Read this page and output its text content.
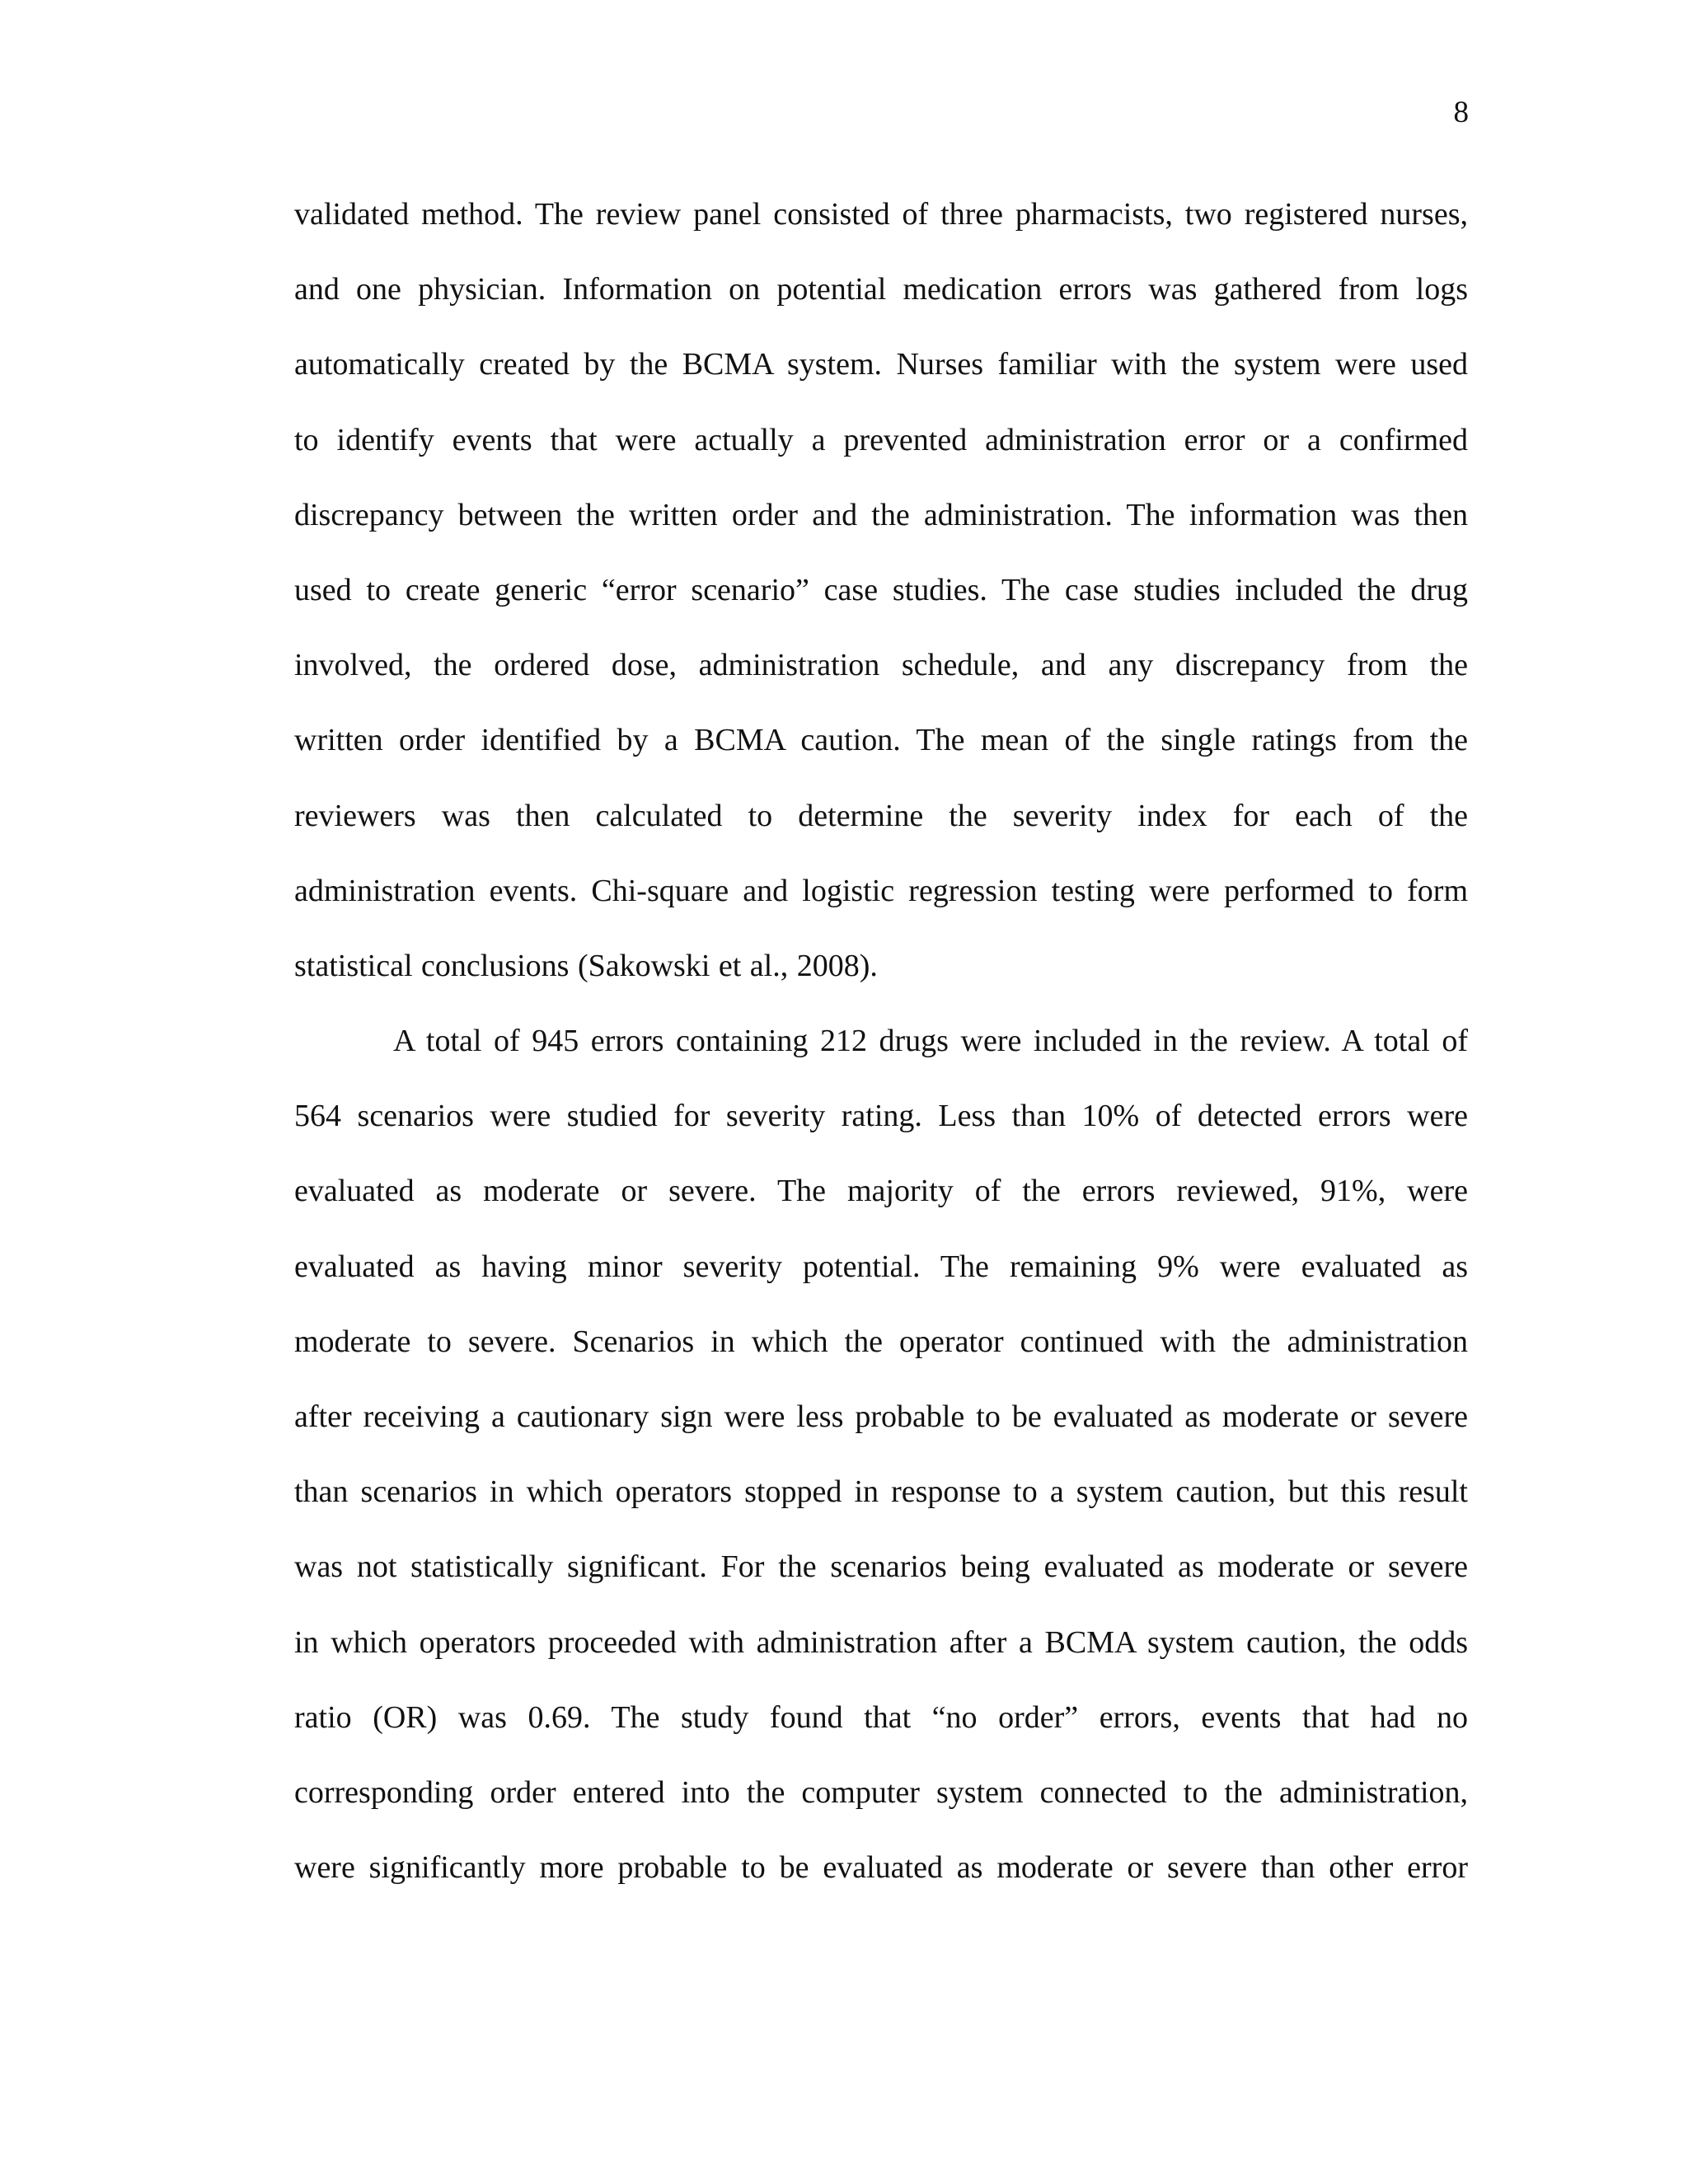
8
validated method. The review panel consisted of three pharmacists, two registered nurses,
and one physician. Information on potential medication errors was gathered from logs
automatically created by the BCMA system. Nurses familiar with the system were used
to identify events that were actually a prevented administration error or a confirmed
discrepancy between the written order and the administration. The information was then
used to create generic “error scenario” case studies. The case studies included the drug
involved, the ordered dose, administration schedule, and any discrepancy from the
written order identified by a BCMA caution. The mean of the single ratings from the
reviewers was then calculated to determine the severity index for each of the
administration events. Chi-square and logistic regression testing were performed to form
statistical conclusions (Sakowski et al., 2008).
A total of 945 errors containing 212 drugs were included in the review. A total of
564 scenarios were studied for severity rating. Less than 10% of detected errors were
evaluated as moderate or severe. The majority of the errors reviewed, 91%, were
evaluated as having minor severity potential. The remaining 9% were evaluated as
moderate to severe. Scenarios in which the operator continued with the administration
after receiving a cautionary sign were less probable to be evaluated as moderate or severe
than scenarios in which operators stopped in response to a system caution, but this result
was not statistically significant. For the scenarios being evaluated as moderate or severe
in which operators proceeded with administration after a BCMA system caution, the odds
ratio (OR) was 0.69. The study found that “no order” errors, events that had no
corresponding order entered into the computer system connected to the administration,
were significantly more probable to be evaluated as moderate or severe than other error
